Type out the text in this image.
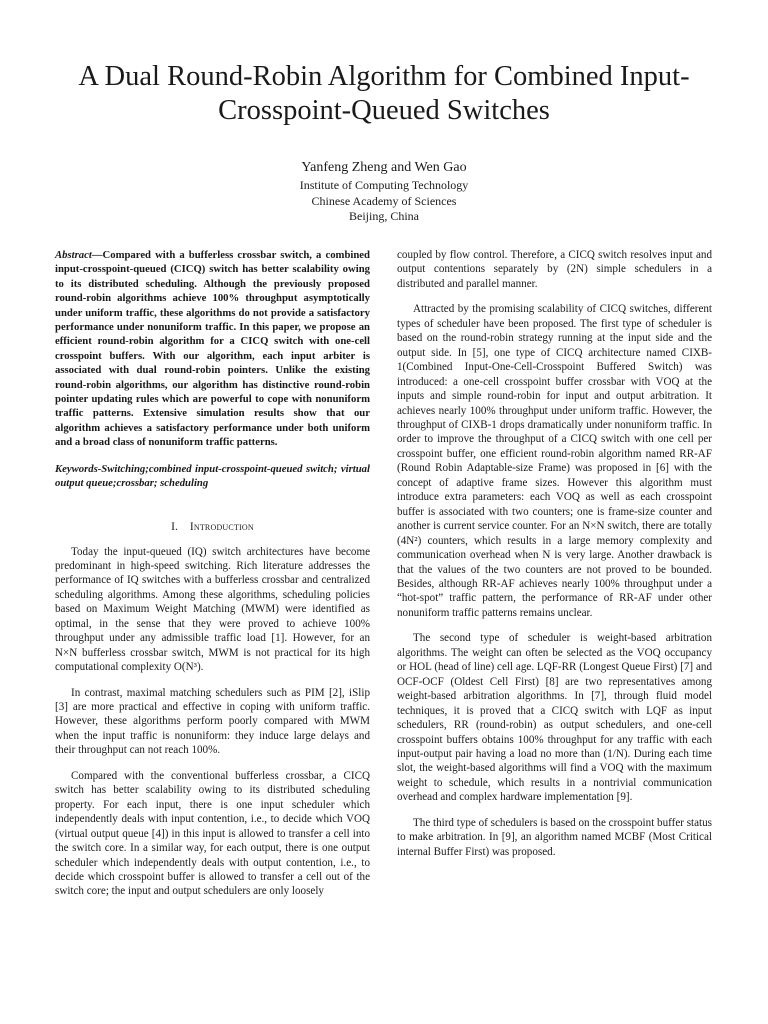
A Dual Round-Robin Algorithm for Combined Input-Crosspoint-Queued Switches
Yanfeng Zheng and Wen Gao
Institute of Computing Technology
Chinese Academy of Sciences
Beijing, China

Abstract—Compared with a bufferless crossbar switch, a combined input-crosspoint-queued (CICQ) switch has better scalability owing to its distributed scheduling. Although the previously proposed round-robin algorithms achieve 100% throughput asymptotically under uniform traffic, these algorithms do not provide a satisfactory performance under nonuniform traffic. In this paper, we propose an efficient round-robin algorithm for a CICQ switch with one-cell crosspoint buffers. With our algorithm, each input arbiter is associated with dual round-robin pointers. Unlike the existing round-robin algorithms, our algorithm has distinctive round-robin pointer updating rules which are powerful to cope with nonuniform traffic patterns. Extensive simulation results show that our algorithm achieves a satisfactory performance under both uniform and a broad class of nonuniform traffic patterns.

Keywords-Switching;combined input-crosspoint-queued switch; virtual output queue;crossbar; scheduling

I. Introduction

Today the input-queued (IQ) switch architectures have become predominant in high-speed switching. Rich literature addresses the performance of IQ switches with a bufferless crossbar and centralized scheduling algorithms. Among these algorithms, scheduling policies based on Maximum Weight Matching (MWM) were identified as optimal, in the sense that they were proved to achieve 100% throughput under any admissible traffic load [1]. However, for an N×N bufferless crossbar switch, MWM is not practical for its high computational complexity O(N³).

In contrast, maximal matching schedulers such as PIM [2], iSlip [3] are more practical and effective in coping with uniform traffic. However, these algorithms perform poorly compared with MWM when the input traffic is nonuniform: they induce large delays and their throughput can not reach 100%.

Compared with the conventional bufferless crossbar, a CICQ switch has better scalability owing to its distributed scheduling property. For each input, there is one input scheduler which independently deals with input contention, i.e., to decide which VOQ (virtual output queue [4]) in this input is allowed to transfer a cell into the switch core. In a similar way, for each output, there is one output scheduler which independently deals with output contention, i.e., to decide which crosspoint buffer is allowed to transfer a cell out of the switch core; the input and output schedulers are only loosely

coupled by flow control. Therefore, a CICQ switch resolves input and output contentions separately by (2N) simple schedulers in a distributed and parallel manner.

Attracted by the promising scalability of CICQ switches, different types of scheduler have been proposed. The first type of scheduler is based on the round-robin strategy running at the input side and the output side. In [5], one type of CICQ architecture named CIXB-1(Combined Input-One-Cell-Crosspoint Buffered Switch) was introduced: a one-cell crosspoint buffer crossbar with VOQ at the inputs and simple round-robin for input and output arbitration. It achieves nearly 100% throughput under uniform traffic. However, the throughput of CIXB-1 drops dramatically under nonuniform traffic. In order to improve the throughput of a CICQ switch with one cell per crosspoint buffer, one efficient round-robin algorithm named RR-AF (Round Robin Adaptable-size Frame) was proposed in [6] with the concept of adaptive frame sizes. However this algorithm must introduce extra parameters: each VOQ as well as each crosspoint buffer is associated with two counters; one is frame-size counter and another is current service counter. For an N×N switch, there are totally (4N²) counters, which results in a large memory complexity and communication overhead when N is very large. Another drawback is that the values of the two counters are not proved to be bounded. Besides, although RR-AF achieves nearly 100% throughput under a “hot-spot” traffic pattern, the performance of RR-AF under other nonuniform traffic patterns remains unclear.

The second type of scheduler is weight-based arbitration algorithms. The weight can often be selected as the VOQ occupancy or HOL (head of line) cell age. LQF-RR (Longest Queue First) [7] and OCF-OCF (Oldest Cell First) [8] are two representatives among weight-based arbitration algorithms. In [7], through fluid model techniques, it is proved that a CICQ switch with LQF as input schedulers, RR (round-robin) as output schedulers, and one-cell crosspoint buffers obtains 100% throughput for any traffic with each input-output pair having a load no more than (1/N). During each time slot, the weight-based algorithms will find a VOQ with the maximum weight to schedule, which results in a nontrivial communication overhead and complex hardware implementation [9].

The third type of schedulers is based on the crosspoint buffer status to make arbitration. In [9], an algorithm named MCBF (Most Critical internal Buffer First) was proposed.
